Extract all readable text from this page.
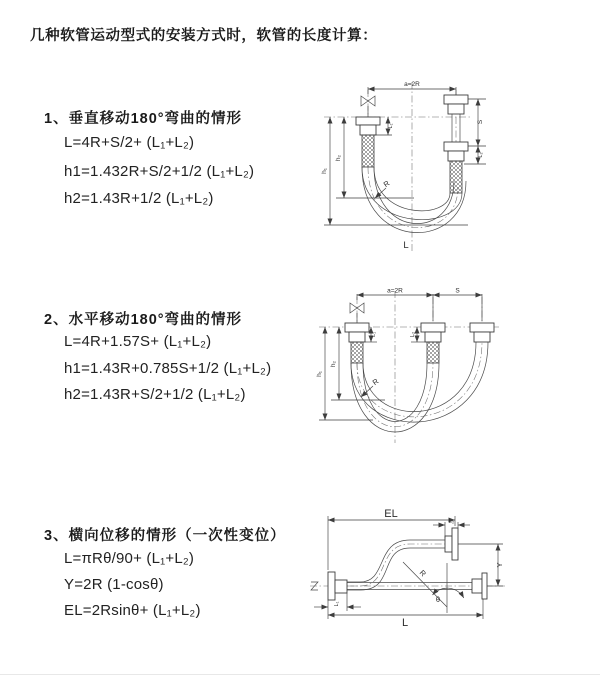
几种软管运动型式的安装方式时，软管的长度计算：
1、垂直移动180°弯曲的情形
L=4R+S/2+ (L₁+L₂)
h1=1.432R+S/2+1/2 (L₁+L₂)
h2=1.43R+1/2 (L₁+L₂)
2、水平移动180°弯曲的情形
L=4R+1.57S+ (L₁+L₂)
h1=1.43R+0.785S+1/2 (L₁+L₂)
h2=1.43R+S/2+1/2 (L₁+L₂)
3、横向位移的情形（一次性变位）
L=πRθ/90+ (L₁+L₂)
Y=2R (1-cosθ)
EL=2Rsinθ+ (L₁+L₂)
a=2R
S
L₂
L₁
h₂
h₁
R
L
a=2R	S
L₁	L₂
h₂
h₁
R
EL
L₂
Y
L
L₁
R
θ
